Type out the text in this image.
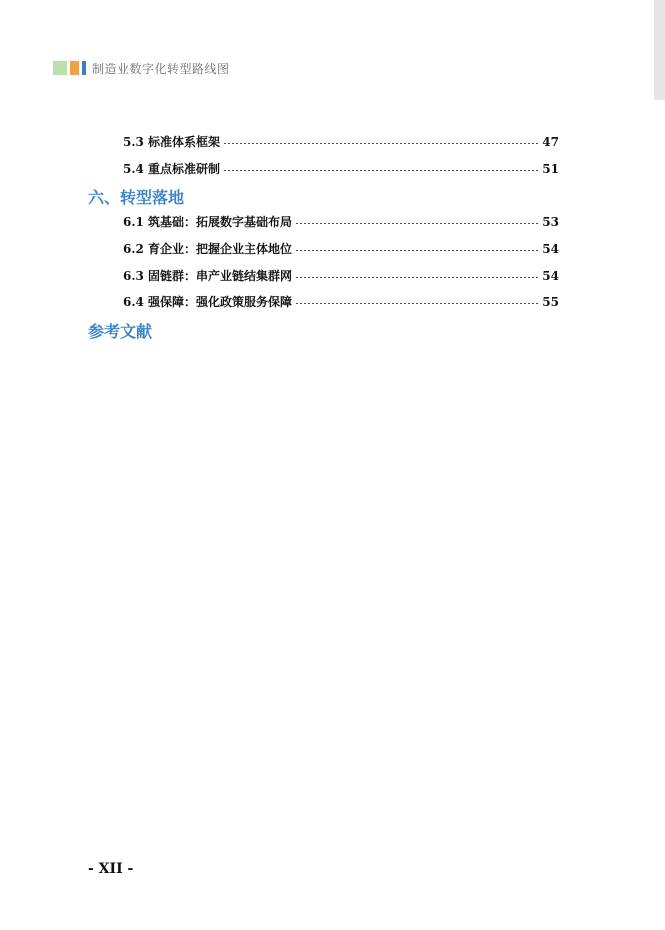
制造业数字化转型路线图
5.3 标准体系框架	47
5.4 重点标准研制	51
六、转型落地
6.1 筑基础：拓展数字基础布局	53
6.2 育企业：把握企业主体地位	54
6.3 固链群：串产业链结集群网	54
6.4 强保障：强化政策服务保障	55
参考文献
- XII -
